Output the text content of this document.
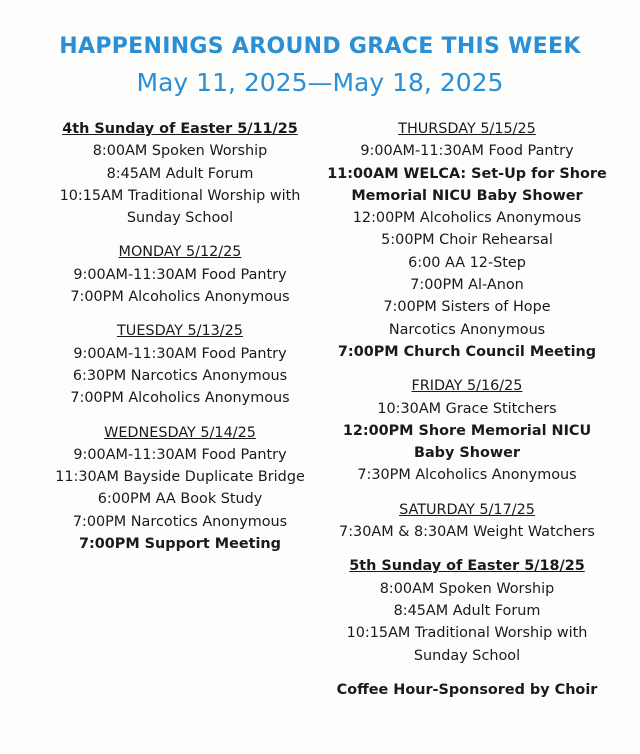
HAPPENINGS AROUND GRACE THIS WEEK
May 11, 2025—May 18, 2025
4th Sunday of Easter 5/11/25
8:00AM Spoken Worship
8:45AM Adult Forum
10:15AM Traditional Worship with
Sunday School
MONDAY 5/12/25
9:00AM-11:30AM Food Pantry
7:00PM Alcoholics Anonymous
TUESDAY 5/13/25
9:00AM-11:30AM Food Pantry
6:30PM Narcotics Anonymous
7:00PM Alcoholics Anonymous
WEDNESDAY 5/14/25
9:00AM-11:30AM Food Pantry
11:30AM Bayside Duplicate Bridge
6:00PM AA Book Study
7:00PM Narcotics Anonymous
7:00PM Support Meeting
THURSDAY 5/15/25
9:00AM-11:30AM Food Pantry
11:00AM WELCA: Set-Up for Shore
Memorial NICU Baby Shower
12:00PM Alcoholics Anonymous
5:00PM Choir Rehearsal
6:00 AA 12-Step
7:00PM Al-Anon
7:00PM Sisters of Hope
Narcotics Anonymous
7:00PM Church Council Meeting
FRIDAY 5/16/25
10:30AM Grace Stitchers
12:00PM Shore Memorial NICU
Baby Shower
7:30PM Alcoholics Anonymous
SATURDAY 5/17/25
7:30AM & 8:30AM Weight Watchers
5th Sunday of Easter 5/18/25
8:00AM Spoken Worship
8:45AM Adult Forum
10:15AM Traditional Worship with
Sunday School
Coffee Hour-Sponsored by Choir
